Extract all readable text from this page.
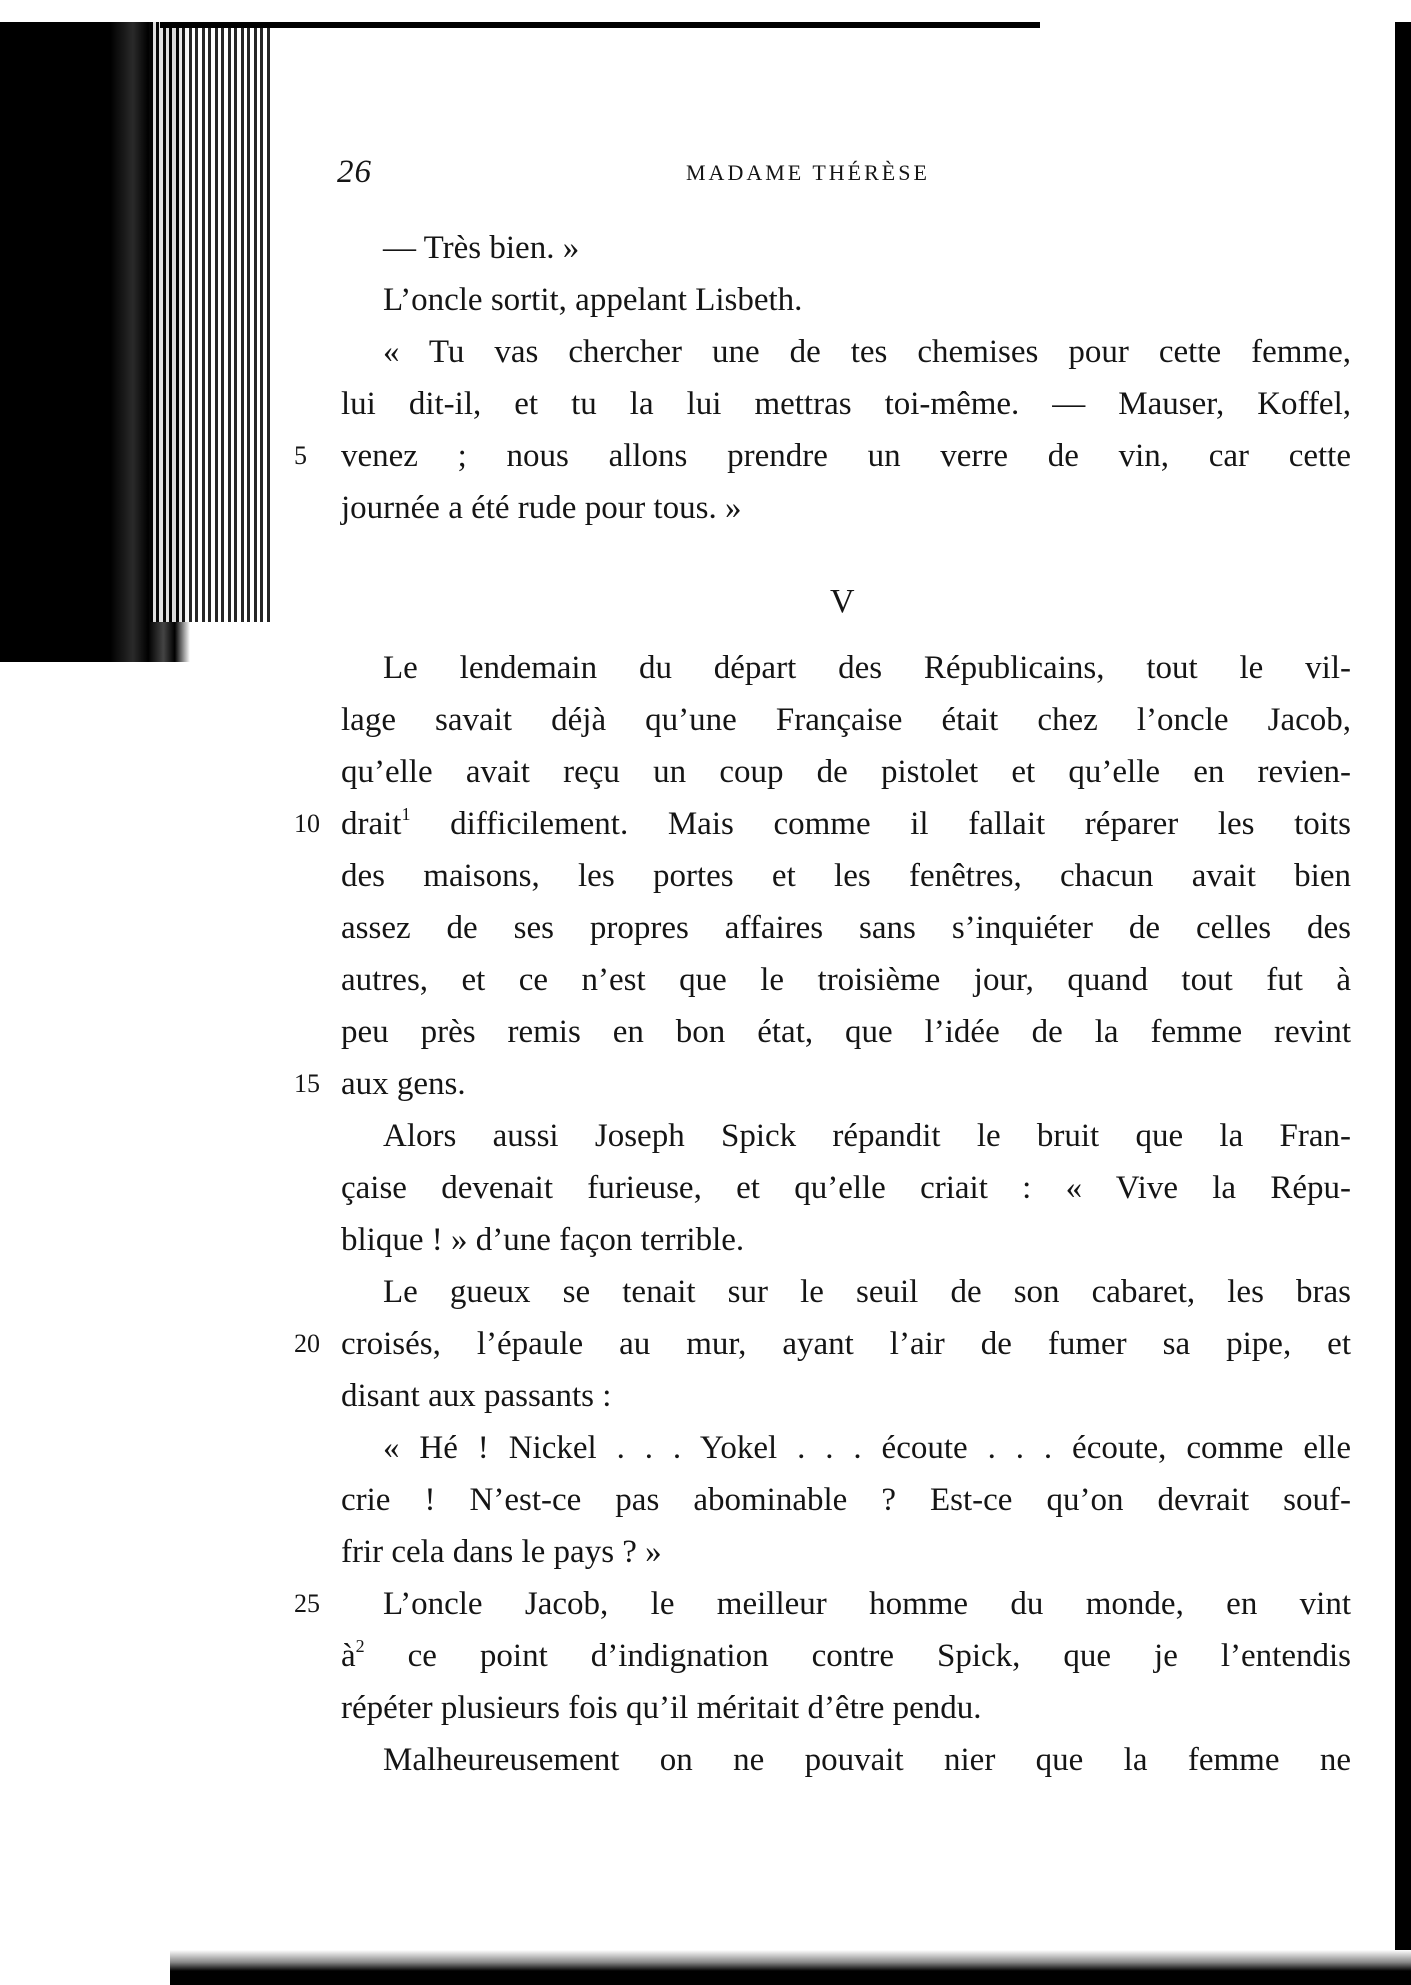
26	MADAME THÉRÈSE
— Très bien. »
L’oncle sortit, appelant Lisbeth.
« Tu vas chercher une de tes chemises pour cette femme,
lui dit-il, et tu la lui mettras toi-même. — Mauser, Koffel,
5	venez ; nous allons prendre un verre de vin, car cette
journée a été rude pour tous. »
V
Le lendemain du départ des Républicains, tout le vil-
lage savait déjà qu’une Française était chez l’oncle Jacob,
qu’elle avait reçu un coup de pistolet et qu’elle en revien-
10 drait$^1$ difficilement. Mais comme il fallait réparer les toits
des maisons, les portes et les fenêtres, chacun avait bien
assez de ses propres affaires sans s’inquiéter de celles des
autres, et ce n’est que le troisième jour, quand tout fut à
peu près remis en bon état, que l’idée de la femme revint
15 aux gens.
Alors aussi Joseph Spick répandit le bruit que la Fran-
çaise devenait furieuse, et qu’elle criait : « Vive la Répu-
blique ! » d’une façon terrible.
Le gueux se tenait sur le seuil de son cabaret, les bras
20 croisés, l’épaule au mur, ayant l’air de fumer sa pipe, et
disant aux passants :
« Hé ! Nickel . . . Yokel . . . écoute . . . écoute, comme elle
crie ! N’est-ce pas abominable ? Est-ce qu’on devrait souf-
frir cela dans le pays ? »
25	L’oncle Jacob, le meilleur homme du monde, en vint
$à^2$ ce point d’indignation contre Spick, que je l’entendis
répéter plusieurs fois qu’il méritait d’être pendu.
Malheureusement on ne pouvait nier que la femme ne
